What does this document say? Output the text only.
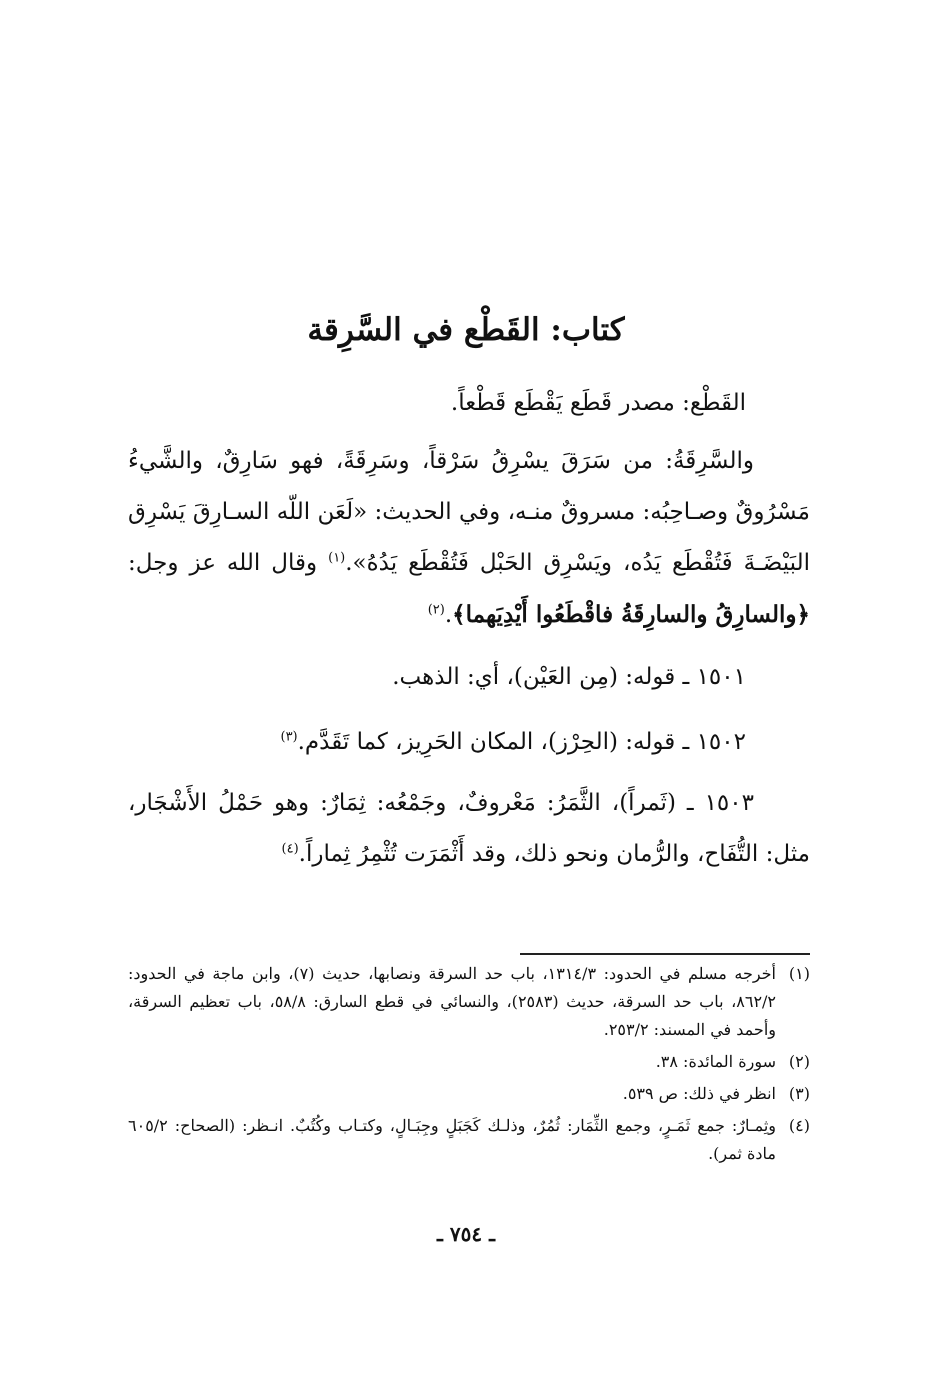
كتاب: القَطْع في السَّرِقة
القَطْع: مصدر قَطَع يَقْطَع قَطْعاً.
والسَّرِقَةُ: من سَرَقَ يسْرِقُ سَرْقاً، وسَرِقَةً، فهو سَارِقٌ، والشَّيءُ مَسْرُوقٌ وصـاحِبُه: مسروقٌ منـه، وفي الحديث: «لَعَن اللّه السـارِقَ يَسْرِق البَيْضَـةَ فَتُقْطَع يَدُه، ويَسْرِق الحَبْل فَتُقْطَع يَدُهُ».$^{(١)}$ وقال الله عز وجل: ﴿والسارِقُ والسارِقَةُ فاقْطَعُوا أَيْدِيَهما﴾.$^{(٢)}$
١٥٠١ ـ قوله: (مِن العَيْن)، أي: الذهب.
١٥٠٢ ـ قوله: (الحِرْز)، المكان الحَرِيز، كما تَقَدَّم.$^{(٣)}$
١٥٠٣ ـ (ثَمراً)، الثَّمَرُ: مَعْروفٌ، وجَمْعُه: ثِمَارٌ: وهو حَمْلُ الأَشْجَار، مثل: التُّفَاح، والرُّمان ونحو ذلك، وقد أَثْمَرَت تُثْمِرُ ثِماراً.$^{(٤)}$
(١)
أخرجه مسلم في الحدود: ١٣١٤/٣، باب حد السرقة ونصابها، حديث (٧)، وابن ماجة في الحدود: ٨٦٢/٢، باب حد السرقة، حديث (٢٥٨٣)، والنسائي في قطع السارق: ٥٨/٨، باب تعظيم السرقة، وأحمد في المسند: ٢٥٣/٢.
(٢)
سورة المائدة: ٣٨.
(٣)
انظر في ذلك: ص ٥٣٩.
(٤)
وثِمـارٌ: جمع ثَمَـرٍ، وجمع الثِّمَار: ثُمُرٌ، وذلـك كَجَبَلٍ وجِبَـالٍ، وكتـاب وكُتُبٌ. انـظر: (الصحاح: ٦٠٥/٢ مادة ثمر).
ـ ٧٥٤ ـ
